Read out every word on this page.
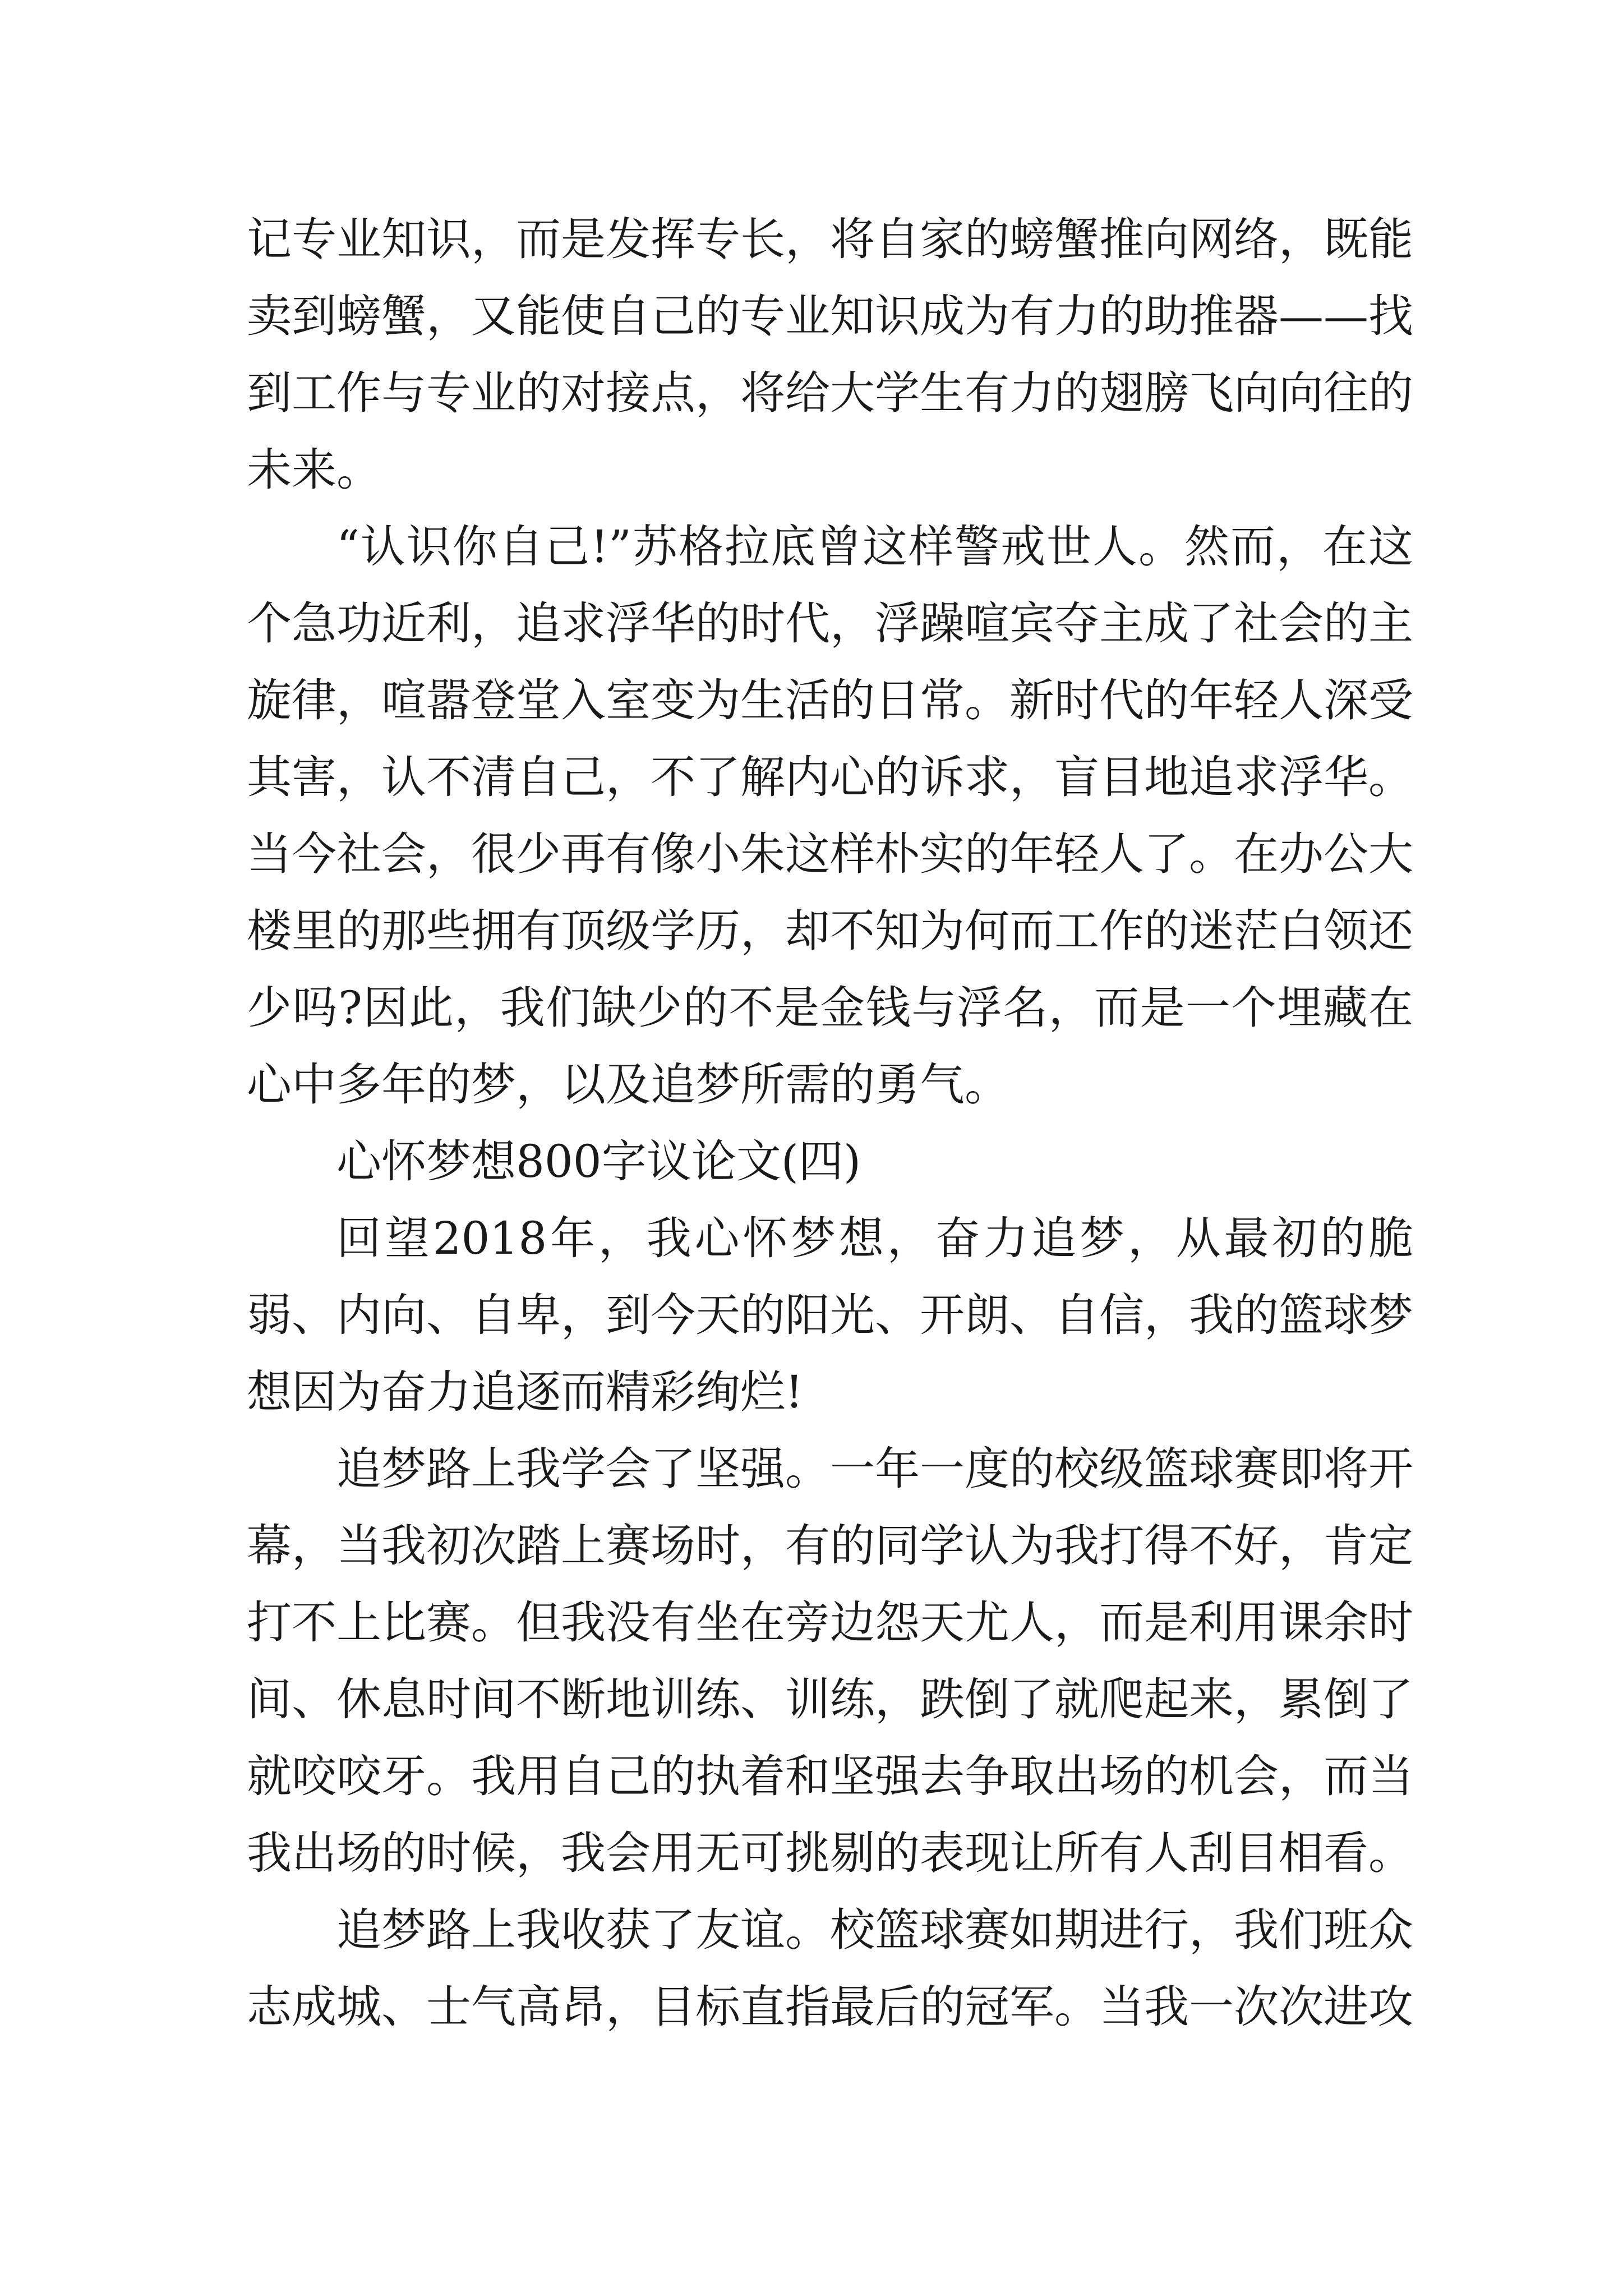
记专业知识，而是发挥专长，将自家的螃蟹推向网络，既能卖到螃蟹，又能使自己的专业知识成为有力的助推器——找到工作与专业的对接点，将给大学生有力的翅膀飞向向往的未来。

“认识你自己!”苏格拉底曾这样警戒世人。然而，在这个急功近利，追求浮华的时代，浮躁喧宾夺主成了社会的主旋律，喧嚣登堂入室变为生活的日常。新时代的年轻人深受其害，认不清自己，不了解内心的诉求，盲目地追求浮华。当今社会，很少再有像小朱这样朴实的年轻人了。在办公大楼里的那些拥有顶级学历，却不知为何而工作的迷茫白领还少吗?因此，我们缺少的不是金钱与浮名，而是一个埋藏在心中多年的梦，以及追梦所需的勇气。

心怀梦想800字议论文(四)

回望2018年，我心怀梦想，奋力追梦，从最初的脆弱、内向、自卑，到今天的阳光、开朗、自信，我的篮球梦想因为奋力追逐而精彩绚烂!

追梦路上我学会了坚强。一年一度的校级篮球赛即将开幕，当我初次踏上赛场时，有的同学认为我打得不好，肯定打不上比赛。但我没有坐在旁边怨天尤人，而是利用课余时间、休息时间不断地训练、训练，跌倒了就爬起来，累倒了就咬咬牙。我用自己的执着和坚强去争取出场的机会，而当我出场的时候，我会用无可挑剔的表现让所有人刮目相看。

追梦路上我收获了友谊。校篮球赛如期进行，我们班众志成城、士气高昂，目标直指最后的冠军。当我一次次进攻
